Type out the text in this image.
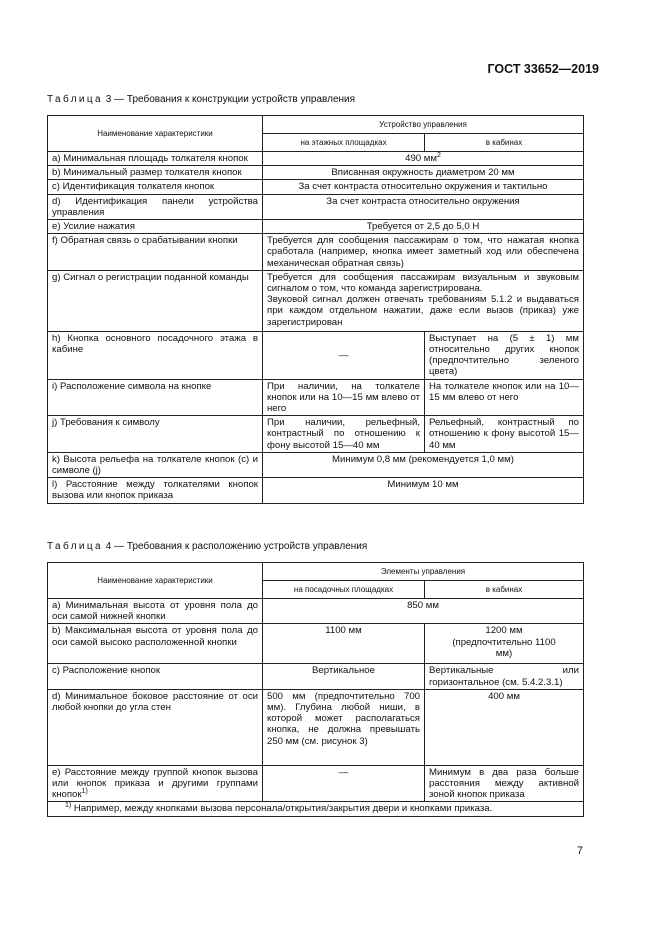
ГОСТ 33652—2019
Таблица 3 — Требования к конструкции устройств управления
Наименование характеристики	Устройство управления	
	на этажных площадках	в кабинах
a) Минимальная площадь толкателя кнопок	490 $мм^2$
b) Минимальный размер толкателя кнопок	Вписанная окружность диаметром 20 мм	
c) Идентификация толкателя кнопок	За счет контраста относительно окружения и тактильно	
d) Идентификация панели устройства управления	За счет контраста относительно окружения	
e) Усилие нажатия	Требуется от 2,5 до 5,0 Н	
f) Обратная связь о срабатывании кнопки	Требуется для сообщения пассажирам о том, что нажатая кнопка сработала (например, кнопка имеет заметный ход или обеспечена механическая обратная связь)	
g) Сигнал о регистрации поданной команды	Требуется для сообщения пассажирам визуальным и звуковым сигналом о том, что команда зарегистрирована.
Звуковой сигнал должен отвечать требованиям 5.1.2 и выдаваться при каждом отдельном нажатии, даже если вызов (приказ) уже зарегистрирован	

h) Кнопка основного посадочного этажа в кабине	—	Выступает на (5 ± 1) мм относительно других кнопок (предпочтительно зеленого цвета)
i) Расположение символа на кнопке	При наличии, на толкателе кнопок или на 10—15 мм влево от него	На толкателе кнопок или на 10—15 мм влево от него
j) Требования к символу	При наличии, рельефный, контрастный по отношению к фону высотой 15—40 мм	Рельефный, контрастный по отношению к фону высотой 15—40 мм
k) Высота рельефа на толкателе кнопок (с) и символе (j)	Минимум 0,8 мм (рекомендуется 1,0 мм)	
l) Расстояние между толкателями кнопок вызова или кнопок приказа	Минимум 10 мм	
Таблица 4 — Требования к расположению устройств управления
Наименование характеристики	Элементы управления	
	на посадочных площадках	в кабинах
a) Минимальная высота от уровня пола до оси самой нижней кнопки	850 мм	
b) Максимальная высота от уровня пола до оси самой высоко расположенной кнопки	1100 мм	1200 мм (предпочтительно 1100 мм)
c) Расположение кнопок	Вертикальное	Вертикальные или горизонтальное (см. 5.4.2.3.1)
d) Минимальное боковое расстояние от оси любой кнопки до угла стен	500 мм (предпочтительно 700 мм). Глубина любой ниши, в которой может располагаться кнопка, не должна превышать 250 мм (см. рисунок 3)	400 мм
e) Расстояние между группой кнопок вызова или кнопок приказа и другими группами кнопок$^{1)}$	—	Минимум в два раза больше расстояния между активной зоной кнопок приказа
$^{1)}$ Например, между кнопками вызова персонала/открытия/закрытия двери и кнопками приказа.		
7
